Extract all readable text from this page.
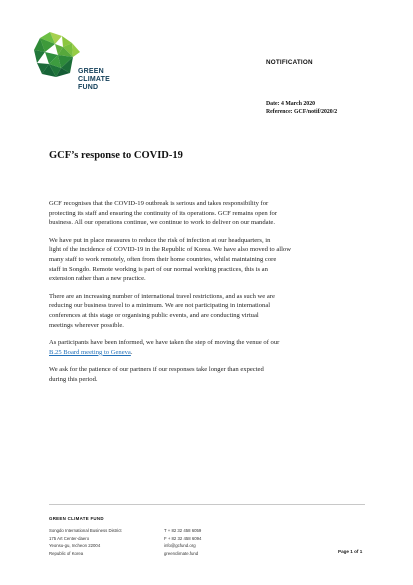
GREEN
CLIMATE
FUND
NOTIFICATION
Date: 4 March 2020
Reference: GCF/notif/2020/2
GCF’s response to COVID-19

GCF recognises that the COVID-19 outbreak is serious and takes responsibility for
protecting its staff and ensuring the continuity of its operations. GCF remains open for
business. All our operations continue, we continue to work to deliver on our mandate.

We have put in place measures to reduce the risk of infection at our headquarters, in
light of the incidence of COVID-19 in the Republic of Korea. We have also moved to allow
many staff to work remotely, often from their home countries, whilst maintaining core
staff in Songdo. Remote working is part of our normal working practices, this is an
extension rather than a new practice.

There are an increasing number of international travel restrictions, and as such we are
reducing our business travel to a minimum. We are not participating in international
conferences at this stage or organising public events, and are conducting virtual
meetings wherever possible.

As participants have been informed, we have taken the step of moving the venue of our
B.25 Board meeting to Geneva.

We ask for the patience of our partners if our responses take longer than expected
during this period.

GREEN CLIMATE FUND
Songdo International Business District
175 Art Center-daero
Yeonsu-gu, Incheon 22004
Republic of Korea
T + 82 32 458 6059
F + 82 32 458 6094
info@gcfund.org
greenclimate.fund	Page 1 of 1
